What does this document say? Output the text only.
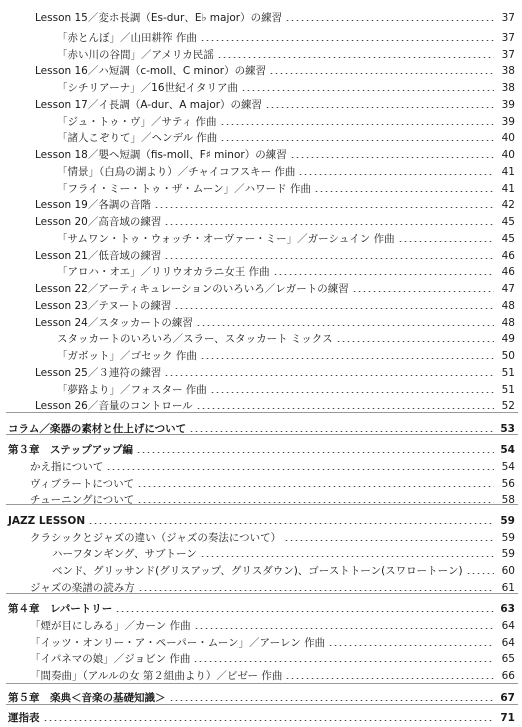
Lesson 15／変ホ長調（Es-dur、E♭ major）の練習	37
「赤とんぼ」／山田耕筰 作曲	37
「赤い川の谷間」／アメリカ民謡	37
Lesson 16／ハ短調（c-moll、C minor）の練習	38
「シチリアーナ」／16世紀イタリア曲	38
Lesson 17／イ長調（A-dur、A major）の練習	39
「ジュ・トゥ・ヴ」／サティ 作曲	39
「諸人こぞりて」／ヘンデル 作曲	40
Lesson 18／嬰ヘ短調（fis-moll、F♯ minor）の練習	40
「情景」（白鳥の湖より）／チャイコフスキー 作曲	41
「フライ・ミー・トゥ・ザ・ムーン」／ハワード 作曲	41
Lesson 19／各調の音階	42
Lesson 20／高音域の練習	45
「サムワン・トゥ・ウォッチ・オーヴァー・ミー」／ガーシュイン 作曲	45
Lesson 21／低音域の練習	46
「アロハ・オエ」／リリウオカラニ女王 作曲	46
Lesson 22／アーティキュレーションのいろいろ／レガートの練習	47
Lesson 23／テヌートの練習	48
Lesson 24／スタッカートの練習	48
スタッカートのいろいろ／スラー、スタッカート ミックス	49
「ガボット」／ゴセック 作曲	50
Lesson 25／３連符の練習	51
「夢路より」／フォスター 作曲	51
Lesson 26／音量のコントロール	52
コラム／楽器の素材と仕上げについて	53
第３章　ステップアップ編	54
かえ指について	54
ヴィブラートについて	56
チューニングについて	58
JAZZ LESSON	59
クラシックとジャズの違い（ジャズの奏法について）	59
ハーフタンギング、サブトーン	59
ベンド、グリッサンド(グリスアップ、グリスダウン)、ゴーストトーン(スワロートーン)	60
ジャズの楽譜の読み方	61
第４章　レパートリー	63
「煙が目にしみる」／カーン 作曲	64
「イッツ・オンリー・ア・ペーパー・ムーン」／アーレン 作曲	64
「イパネマの娘」／ジョビン 作曲	65
「間奏曲」（アルルの女 第２組曲より）／ビゼー 作曲	66
第５章　楽典＜音楽の基礎知識＞	67
運指表	71
